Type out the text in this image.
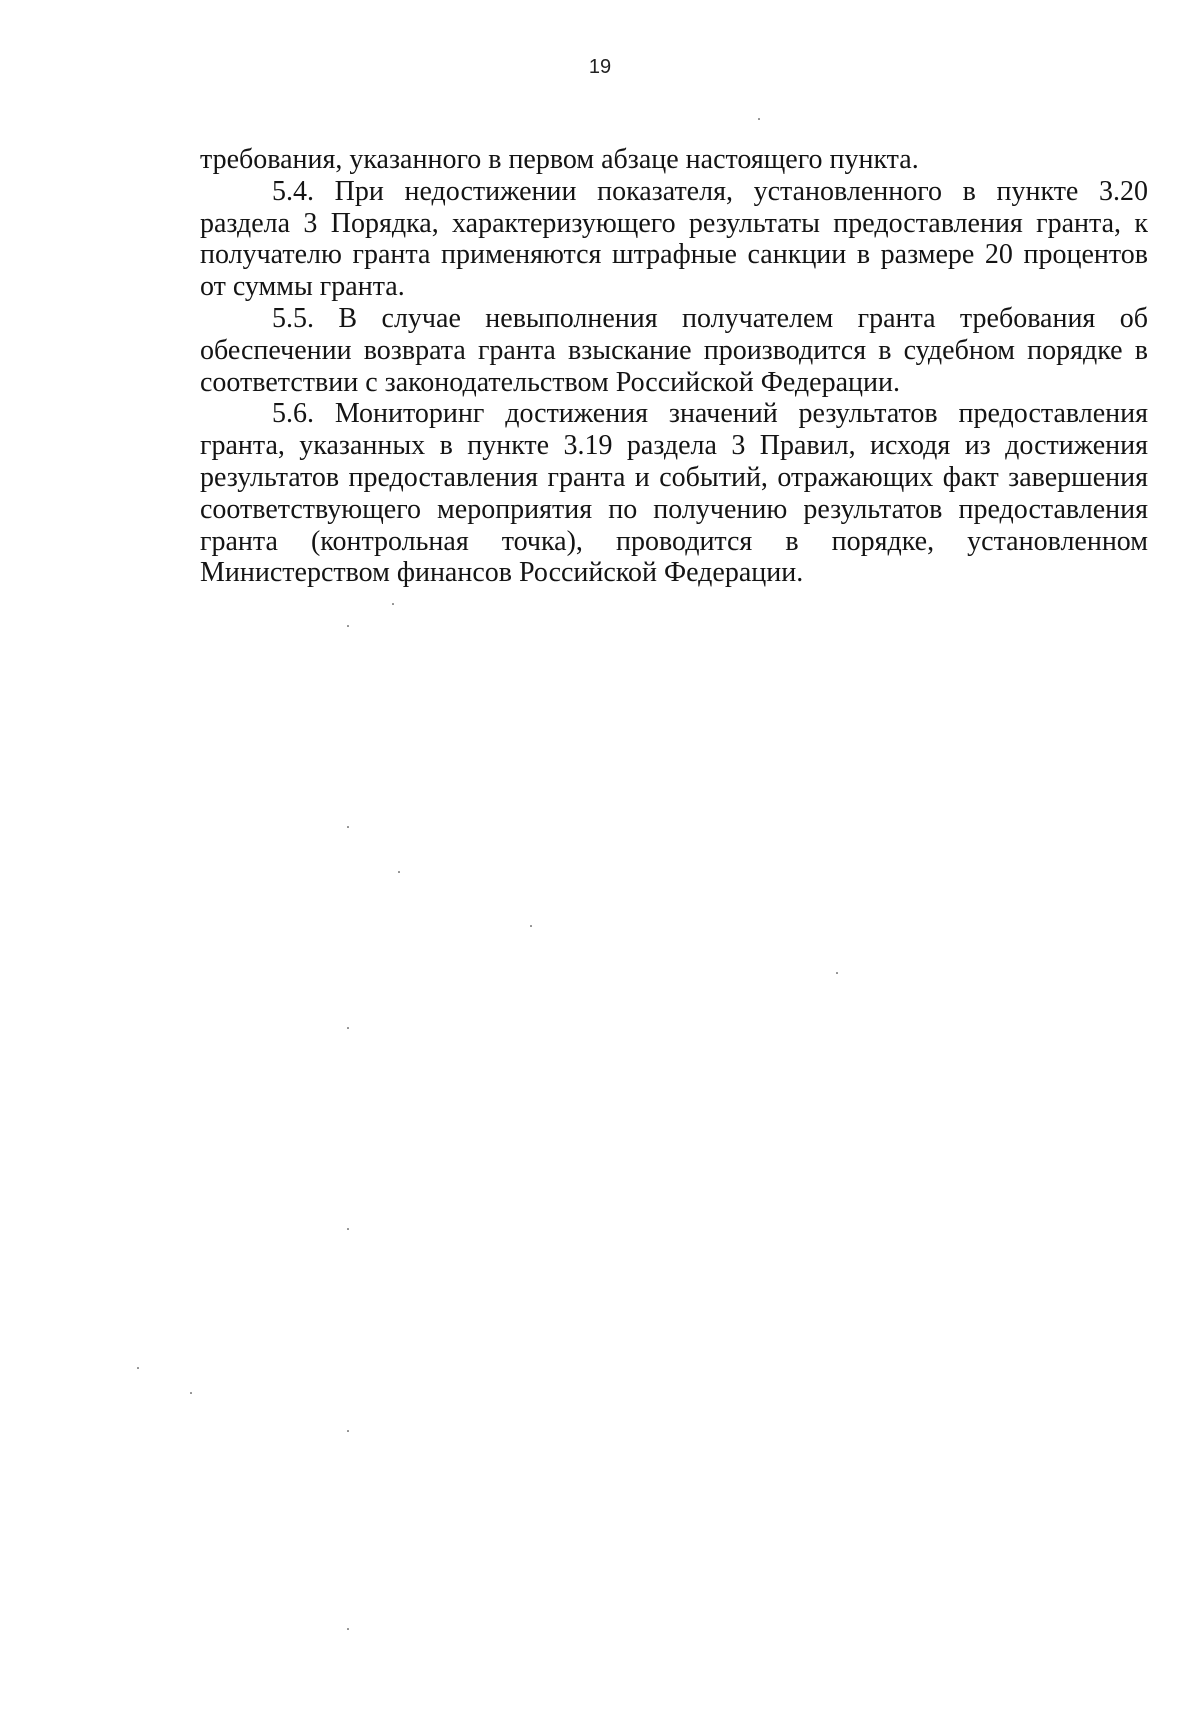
19

требования, указанного в первом абзаце настоящего пункта.

5.4. При недостижении показателя, установленного в пункте 3.20 раздела 3 Порядка, характеризующего результаты предоставления гранта, к получателю гранта применяются штрафные санкции в размере 20 процентов от суммы гранта.

5.5. В случае невыполнения получателем гранта требования об обеспечении возврата гранта взыскание производится в судебном порядке в соответствии с законодательством Российской Федерации.

5.6. Мониторинг достижения значений результатов предоставления гранта, указанных в пункте 3.19 раздела 3 Правил, исходя из достижения результатов предоставления гранта и событий, отражающих факт завершения соответствующего мероприятия по получению результатов предоставления гранта (контрольная точка), проводится в порядке, установленном Министерством финансов Российской Федерации.
